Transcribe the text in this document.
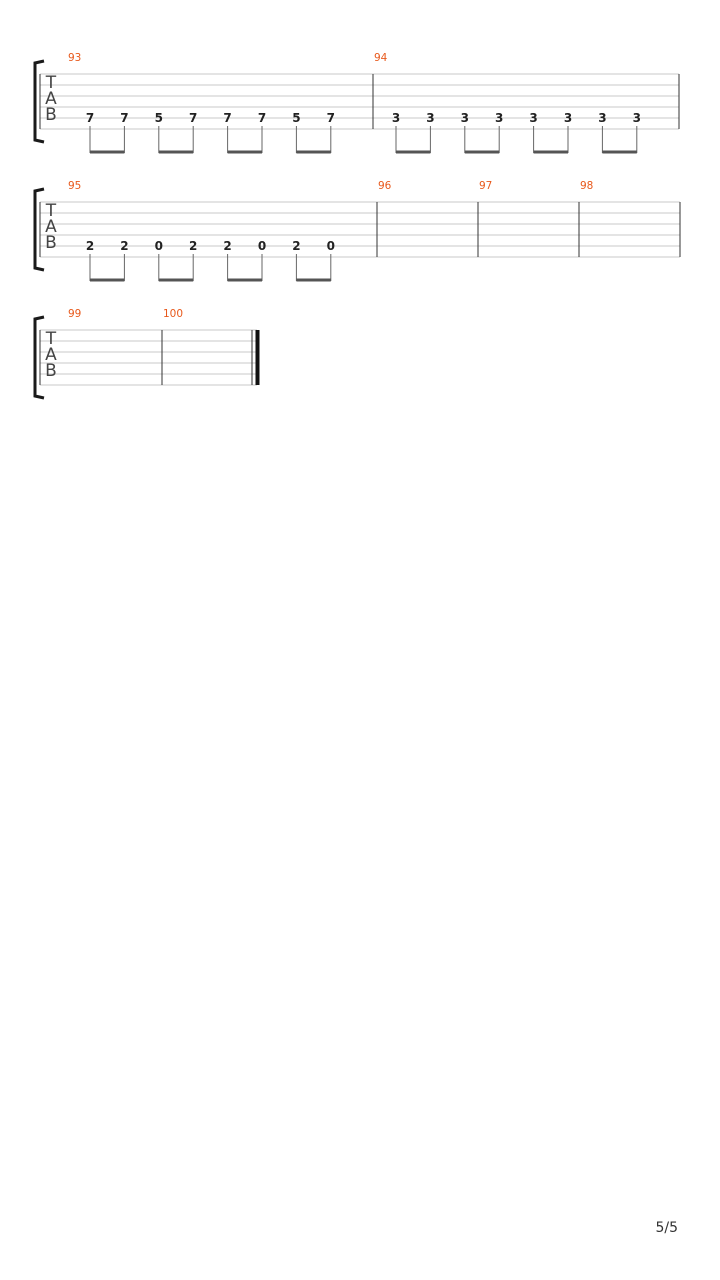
T
A
B
93
7 7 5 7 7 7 5 7
94
3 3 3 3 3 3 3 3
T
A
B
95
2 2 0 2 2 0 2 0
96	97	98
T
A
B
99	100
5/5
